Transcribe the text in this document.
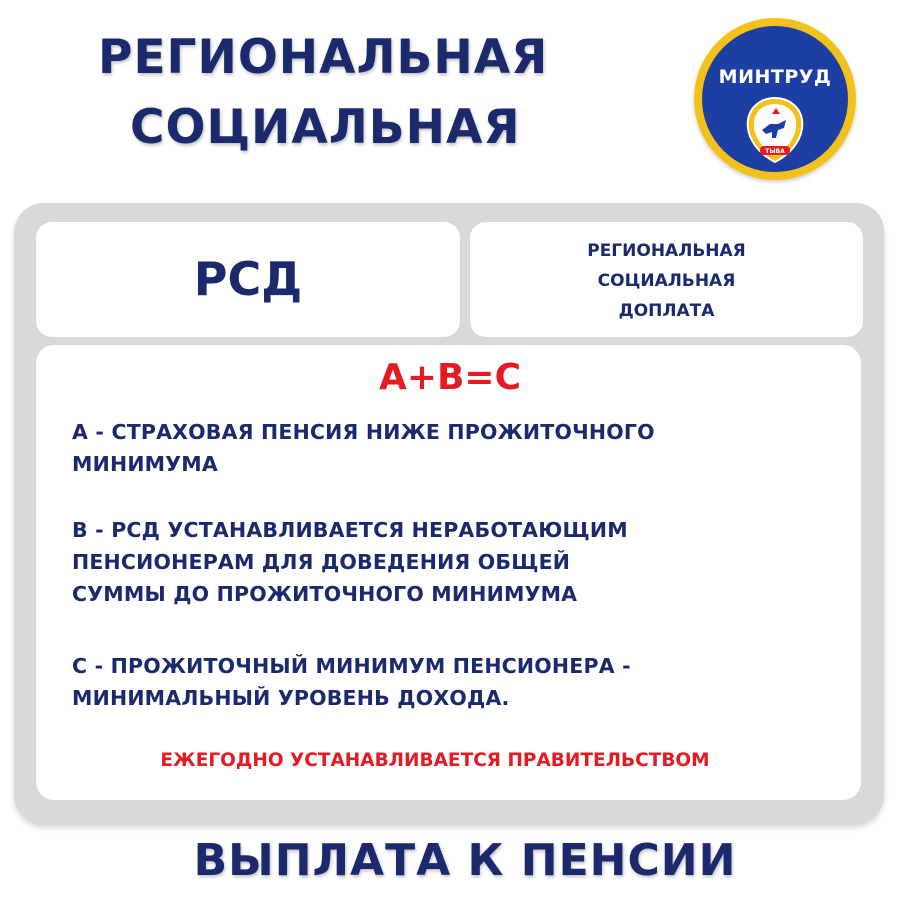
РЕГИОНАЛЬНАЯ
СОЦИАЛЬНАЯ
МИНТРУД
ТЫВА
РСД
РЕГИОНАЛЬНАЯ
СОЦИАЛЬНАЯ
ДОПЛАТА
А+В=С
А - СТРАХОВАЯ ПЕНСИЯ НИЖЕ ПРОЖИТОЧНОГО
МИНИМУМА
В - РСД УСТАНАВЛИВАЕТСЯ НЕРАБОТАЮЩИМ
ПЕНСИОНЕРАМ ДЛЯ ДОВЕДЕНИЯ ОБЩЕЙ
СУММЫ ДО ПРОЖИТОЧНОГО МИНИМУМА
С - ПРОЖИТОЧНЫЙ МИНИМУМ ПЕНСИОНЕРА -
МИНИМАЛЬНЫЙ УРОВЕНЬ ДОХОДА.
ЕЖЕГОДНО УСТАНАВЛИВАЕТСЯ ПРАВИТЕЛЬСТВОМ
ВЫПЛАТА К ПЕНСИИ
